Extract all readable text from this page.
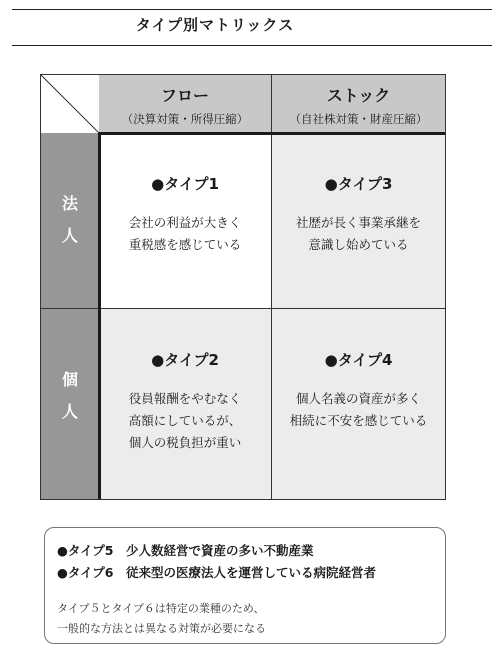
タイプ別マトリックス
フロー
（決算対策・所得圧縮）
ストック
（自社株対策・財産圧縮）
法
人
個
人
●タイプ1
会社の利益が大きく
重税感を感じている
●タイプ3
社歴が長く事業承継を
意識し始めている
●タイプ2
役員報酬をやむなく
高額にしているが、
個人の税負担が重い
●タイプ4
個人名義の資産が多く
相続に不安を感じている
●タイプ5　少人数経営で資産の多い不動産業
●タイプ6　従来型の医療法人を運営している病院経営者
タイプ５とタイプ６は特定の業種のため、
一般的な方法とは異なる対策が必要になる
